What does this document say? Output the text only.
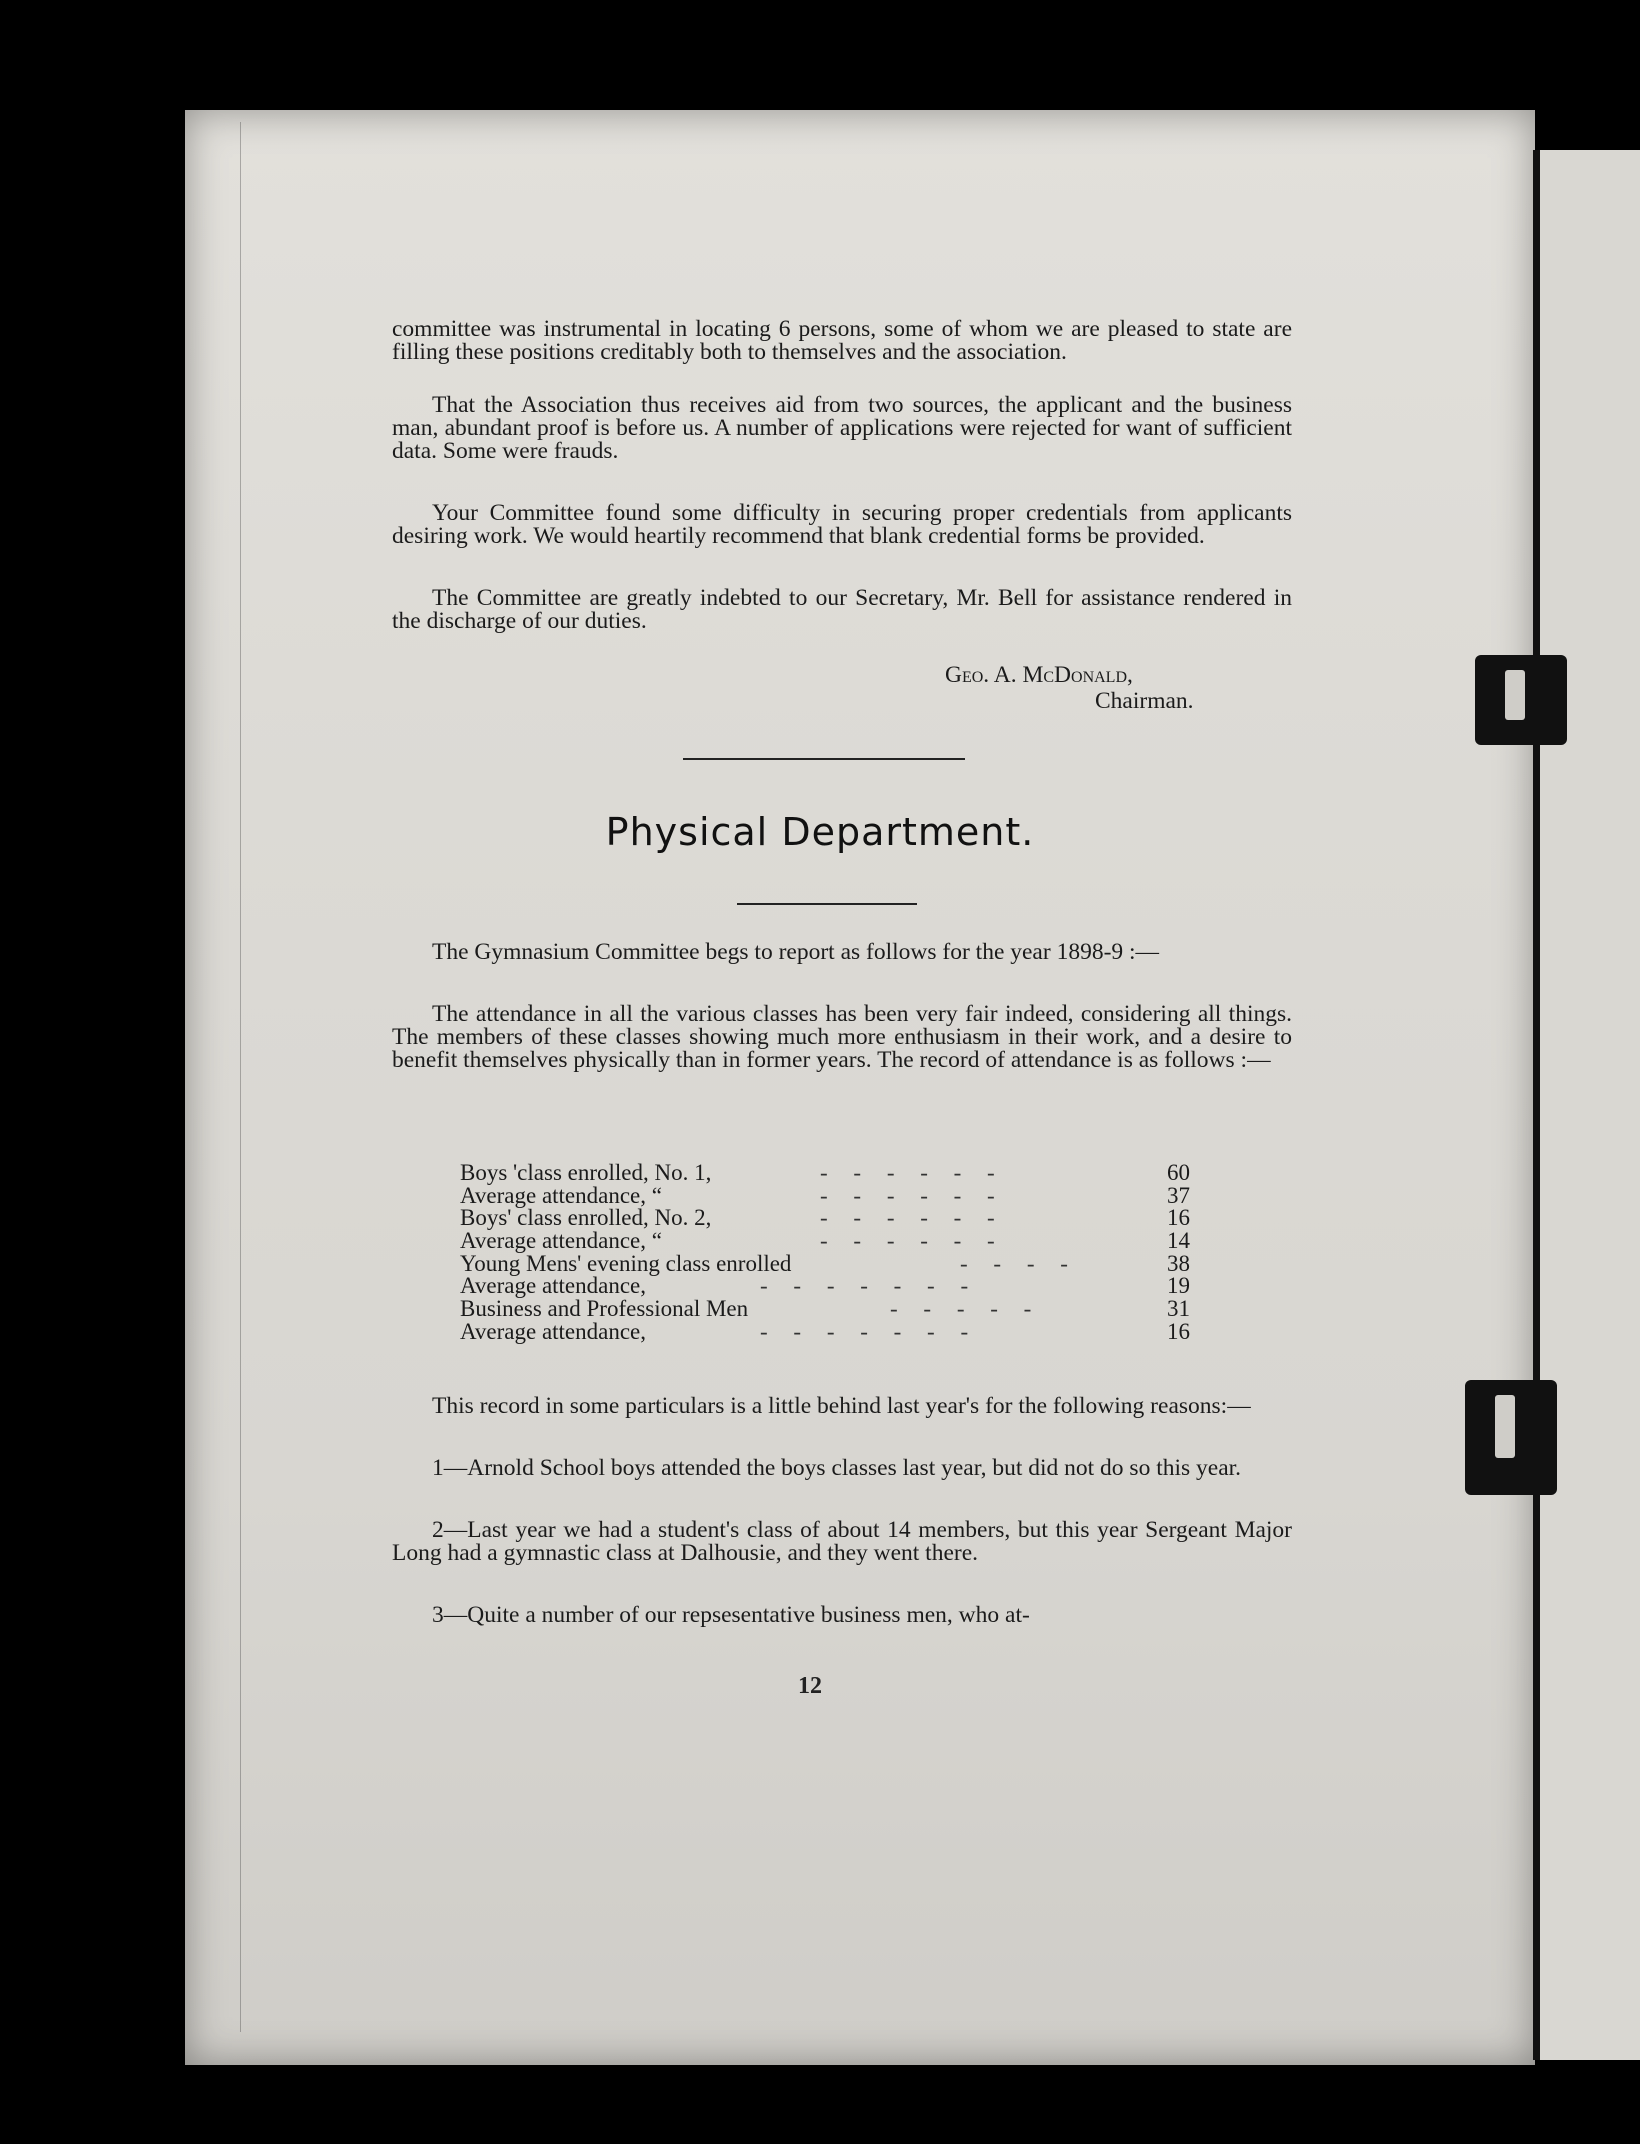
committee was instrumental in locating 6 persons, some of whom we are pleased to state are filling these positions creditably both to themselves and the association.
That the Association thus receives aid from two sources, the applicant and the business man, abundant proof is before us. A number of applications were rejected for want of sufficient data. Some were frauds.
Your Committee found some difficulty in securing proper credentials from applicants desiring work. We would heartily recommend that blank credential forms be provided.
The Committee are greatly indebted to our Secretary, Mr. Bell for assistance rendered in the discharge of our duties.
Geo. A. McDonald,
Chairman.
Physical Department.
The Gymnasium Committee begs to report as follows for the year 1898-9 :—
The attendance in all the various classes has been very fair indeed, considering all things. The members of these classes showing much more enthusiasm in their work, and a desire to benefit themselves physically than in former years. The record of attendance is as follows :—
Boys 'class enrolled, No. 1,	- - - - - -	60
Average attendance, “	- - - - - -	37
Boys' class enrolled, No. 2,	- - - - - -	16
Average attendance, “	- - - - - -	14
Young Mens' evening class enrolled	- - - -	38
Average attendance,	- - - - - - -	19
Business and Professional Men	- - - - -	31
Average attendance,	- - - - - - -	16
This record in some particulars is a little behind last year's for the following reasons:—
1—Arnold School boys attended the boys classes last year, but did not do so this year.
2—Last year we had a student's class of about 14 members, but this year Sergeant Major Long had a gymnastic class at Dalhousie, and they went there.
3—Quite a number of our repsesentative business men, who at-
12
